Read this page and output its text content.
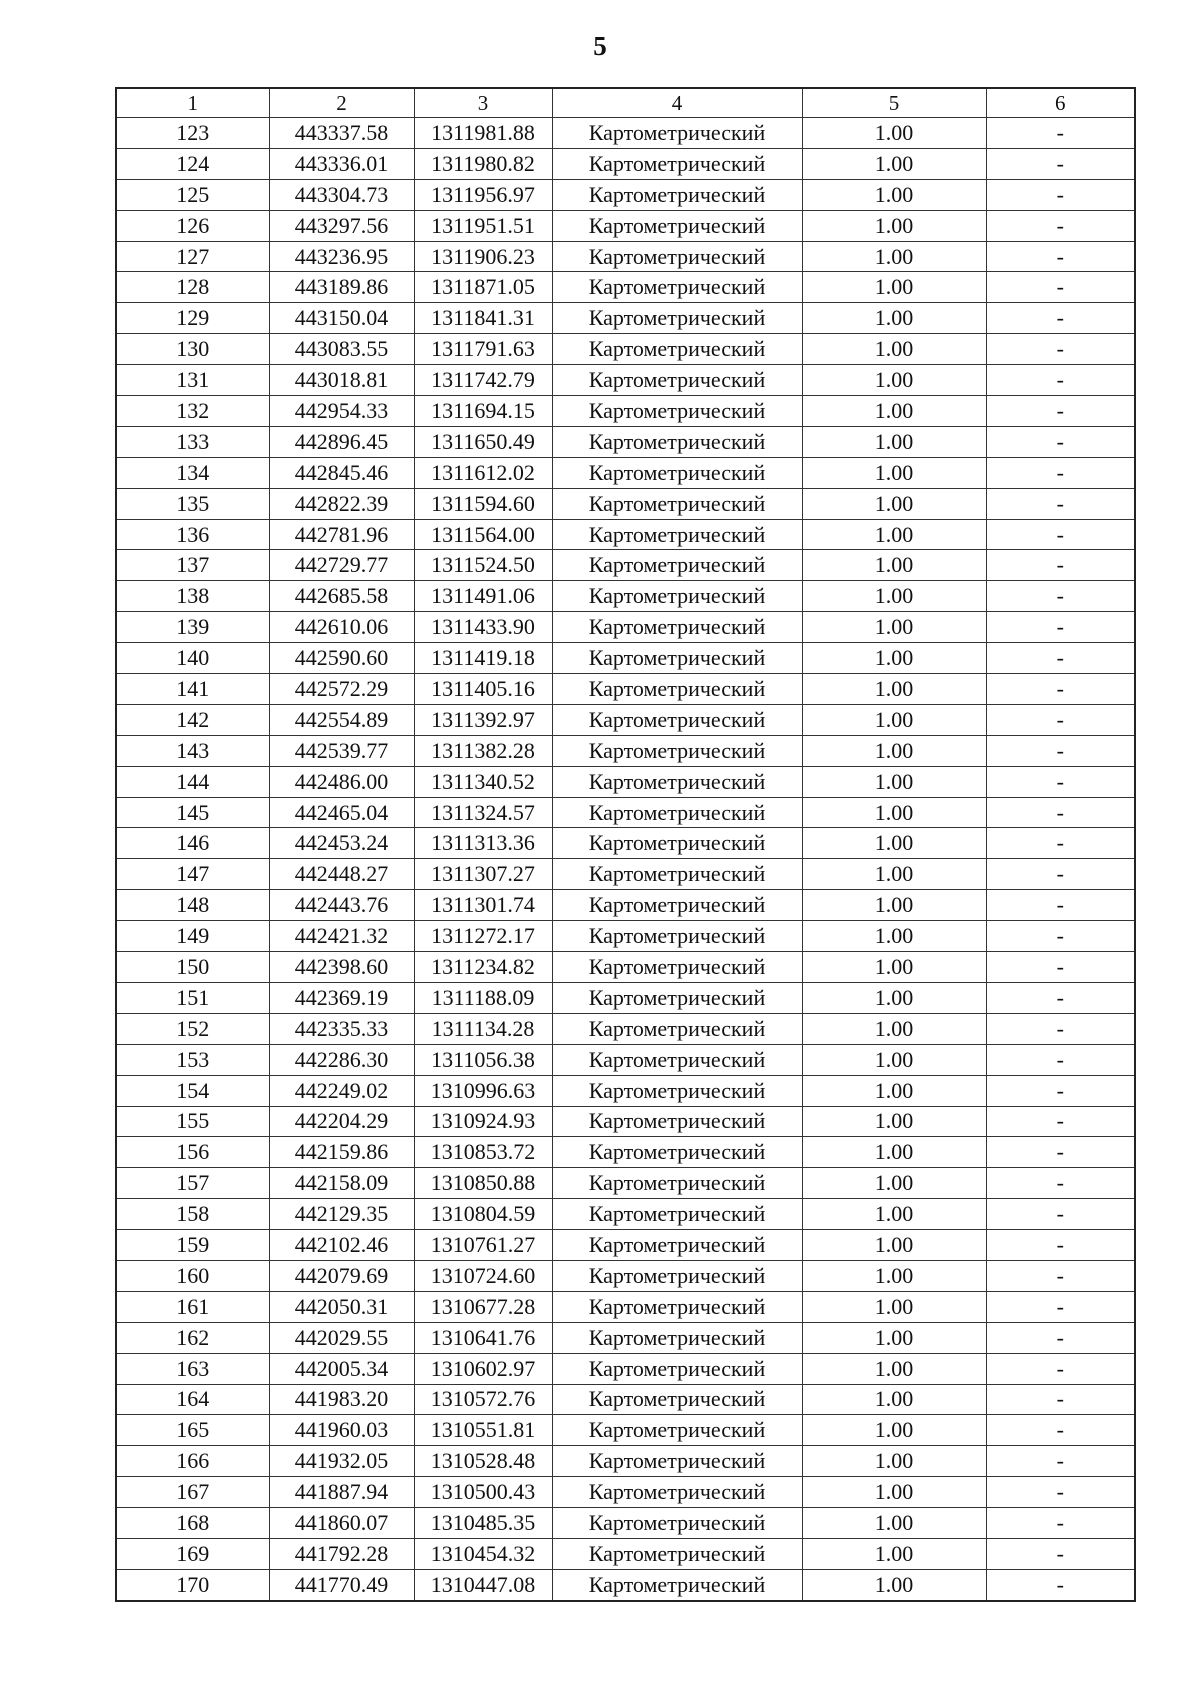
5
1	2	3	4	5	6
123	443337.58	1311981.88	Картометрический	1.00	-
124	443336.01	1311980.82	Картометрический	1.00	-
125	443304.73	1311956.97	Картометрический	1.00	-
126	443297.56	1311951.51	Картометрический	1.00	-
127	443236.95	1311906.23	Картометрический	1.00	-
128	443189.86	1311871.05	Картометрический	1.00	-
129	443150.04	1311841.31	Картометрический	1.00	-
130	443083.55	1311791.63	Картометрический	1.00	-
131	443018.81	1311742.79	Картометрический	1.00	-
132	442954.33	1311694.15	Картометрический	1.00	-
133	442896.45	1311650.49	Картометрический	1.00	-
134	442845.46	1311612.02	Картометрический	1.00	-
135	442822.39	1311594.60	Картометрический	1.00	-
136	442781.96	1311564.00	Картометрический	1.00	-
137	442729.77	1311524.50	Картометрический	1.00	-
138	442685.58	1311491.06	Картометрический	1.00	-
139	442610.06	1311433.90	Картометрический	1.00	-
140	442590.60	1311419.18	Картометрический	1.00	-
141	442572.29	1311405.16	Картометрический	1.00	-
142	442554.89	1311392.97	Картометрический	1.00	-
143	442539.77	1311382.28	Картометрический	1.00	-
144	442486.00	1311340.52	Картометрический	1.00	-
145	442465.04	1311324.57	Картометрический	1.00	-
146	442453.24	1311313.36	Картометрический	1.00	-
147	442448.27	1311307.27	Картометрический	1.00	-
148	442443.76	1311301.74	Картометрический	1.00	-
149	442421.32	1311272.17	Картометрический	1.00	-
150	442398.60	1311234.82	Картометрический	1.00	-
151	442369.19	1311188.09	Картометрический	1.00	-
152	442335.33	1311134.28	Картометрический	1.00	-
153	442286.30	1311056.38	Картометрический	1.00	-
154	442249.02	1310996.63	Картометрический	1.00	-
155	442204.29	1310924.93	Картометрический	1.00	-
156	442159.86	1310853.72	Картометрический	1.00	-
157	442158.09	1310850.88	Картометрический	1.00	-
158	442129.35	1310804.59	Картометрический	1.00	-
159	442102.46	1310761.27	Картометрический	1.00	-
160	442079.69	1310724.60	Картометрический	1.00	-
161	442050.31	1310677.28	Картометрический	1.00	-
162	442029.55	1310641.76	Картометрический	1.00	-
163	442005.34	1310602.97	Картометрический	1.00	-
164	441983.20	1310572.76	Картометрический	1.00	-
165	441960.03	1310551.81	Картометрический	1.00	-
166	441932.05	1310528.48	Картометрический	1.00	-
167	441887.94	1310500.43	Картометрический	1.00	-
168	441860.07	1310485.35	Картометрический	1.00	-
169	441792.28	1310454.32	Картометрический	1.00	-
170	441770.49	1310447.08	Картометрический	1.00	-
